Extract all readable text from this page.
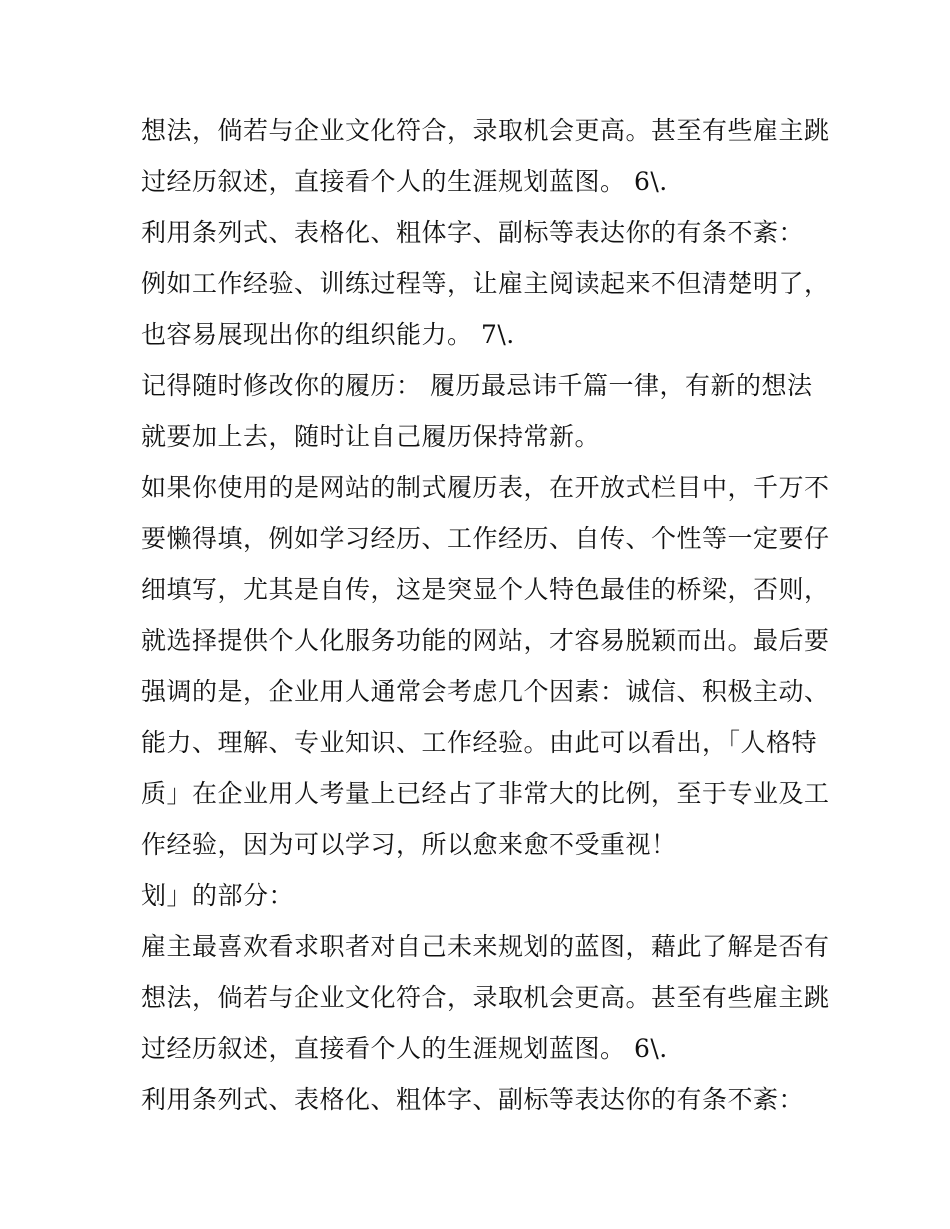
想法，倘若与企业文化符合，录取机会更高。甚至有些雇主跳
过经历叙述，直接看个人的生涯规划蓝图。 6\.
利用条列式、表格化、粗体字、副标等表达你的有条不紊：
例如工作经验、训练过程等，让雇主阅读起来不但清楚明了，
也容易展现出你的组织能力。 7\.
记得随时修改你的履历： 履历最忌讳千篇一律，有新的想法
就要加上去，随时让自己履历保持常新。
如果你使用的是网站的制式履历表，在开放式栏目中，千万不
要懒得填，例如学习经历、工作经历、自传、个性等一定要仔
细填写，尤其是自传，这是突显个人特色最佳的桥梁，否则，
就选择提供个人化服务功能的网站，才容易脱颖而出。最后要
强调的是，企业用人通常会考虑几个因素：诚信、积极主动、
能力、理解、专业知识、工作经验。由此可以看出，「人格特
质」在企业用人考量上已经占了非常大的比例，至于专业及工
作经验，因为可以学习，所以愈来愈不受重视！
划」的部分：
雇主最喜欢看求职者对自己未来规划的蓝图，藉此了解是否有
想法，倘若与企业文化符合，录取机会更高。甚至有些雇主跳
过经历叙述，直接看个人的生涯规划蓝图。 6\.
利用条列式、表格化、粗体字、副标等表达你的有条不紊：
